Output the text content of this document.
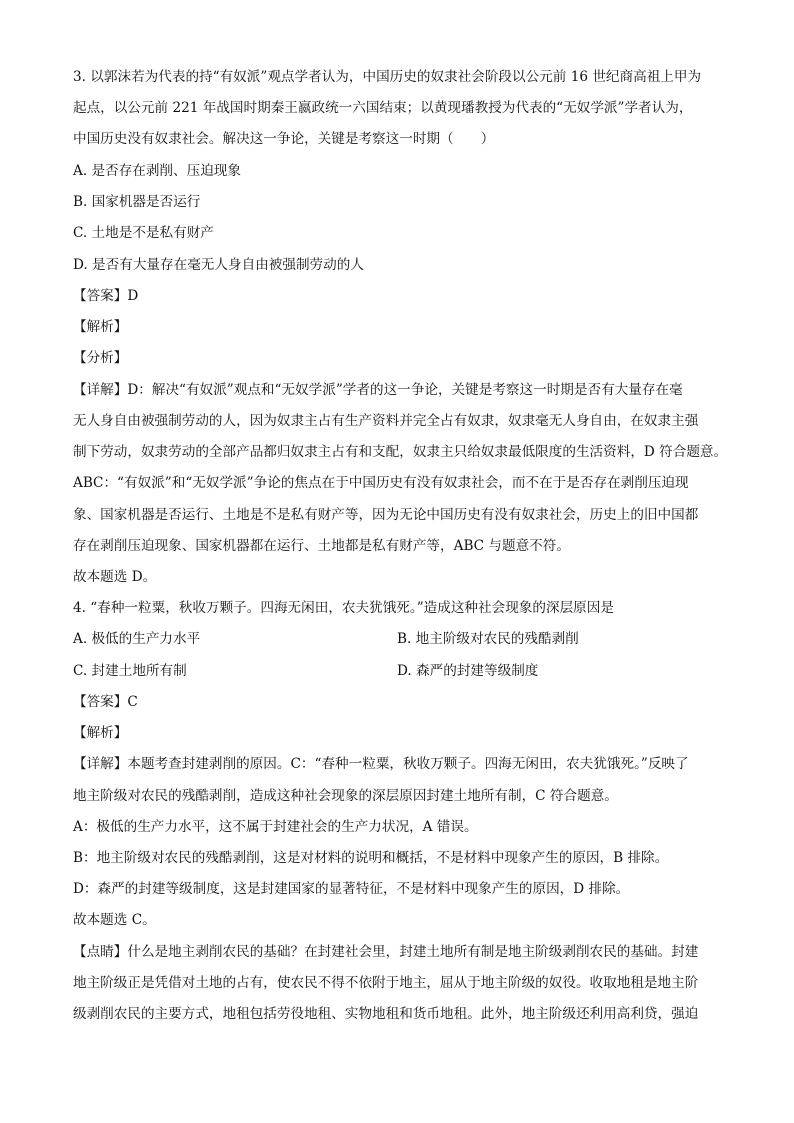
3. 以郭沫若为代表的持“有奴派”观点学者认为，中国历史的奴隶社会阶段以公元前 16 世纪商高祖上甲为
起点，以公元前 221 年战国时期秦王嬴政统一六国结束；以黄现璠教授为代表的“无奴学派”学者认为，
中国历史没有奴隶社会。解决这一争论，关键是考察这一时期（　　）
A. 是否存在剥削、压迫现象
B. 国家机器是否运行
C. 土地是不是私有财产
D. 是否有大量存在毫无人身自由被强制劳动的人
【答案】D
【解析】
【分析】
【详解】D：解决“有奴派”观点和“无奴学派”学者的这一争论，关键是考察这一时期是否有大量存在毫
无人身自由被强制劳动的人，因为奴隶主占有生产资料并完全占有奴隶，奴隶毫无人身自由，在奴隶主强
制下劳动，奴隶劳动的全部产品都归奴隶主占有和支配，奴隶主只给奴隶最低限度的生活资料，D 符合题意。
ABC：“有奴派”和“无奴学派”争论的焦点在于中国历史有没有奴隶社会，而不在于是否存在剥削压迫现
象、国家机器是否运行、土地是不是私有财产等，因为无论中国历史有没有奴隶社会，历史上的旧中国都
存在剥削压迫现象、国家机器都在运行、土地都是私有财产等，ABC 与题意不符。
故本题选 D。
4. “春种一粒粟，秋收万颗子。四海无闲田，农夫犹饿死。”造成这种社会现象的深层原因是
A. 极低的生产力水平	B. 地主阶级对农民的残酷剥削
C. 封建土地所有制	D. 森严的封建等级制度
【答案】C
【解析】
【详解】本题考查封建剥削的原因。C：“春种一粒粟，秋收万颗子。四海无闲田，农夫犹饿死。”反映了
地主阶级对农民的残酷剥削，造成这种社会现象的深层原因封建土地所有制，C 符合题意。
A：极低的生产力水平，这不属于封建社会的生产力状况，A 错误。
B：地主阶级对农民的残酷剥削，这是对材料的说明和概括，不是材料中现象产生的原因，B 排除。
D：森严的封建等级制度，这是封建国家的显著特征，不是材料中现象产生的原因，D 排除。
故本题选 C。
【点睛】什么是地主剥削农民的基础？在封建社会里，封建土地所有制是地主阶级剥削农民的基础。封建
地主阶级正是凭借对土地的占有，使农民不得不依附于地主，屈从于地主阶级的奴役。收取地租是地主阶
级剥削农民的主要方式，地租包括劳役地租、实物地租和货币地租。此外，地主阶级还利用高利贷，强迫
